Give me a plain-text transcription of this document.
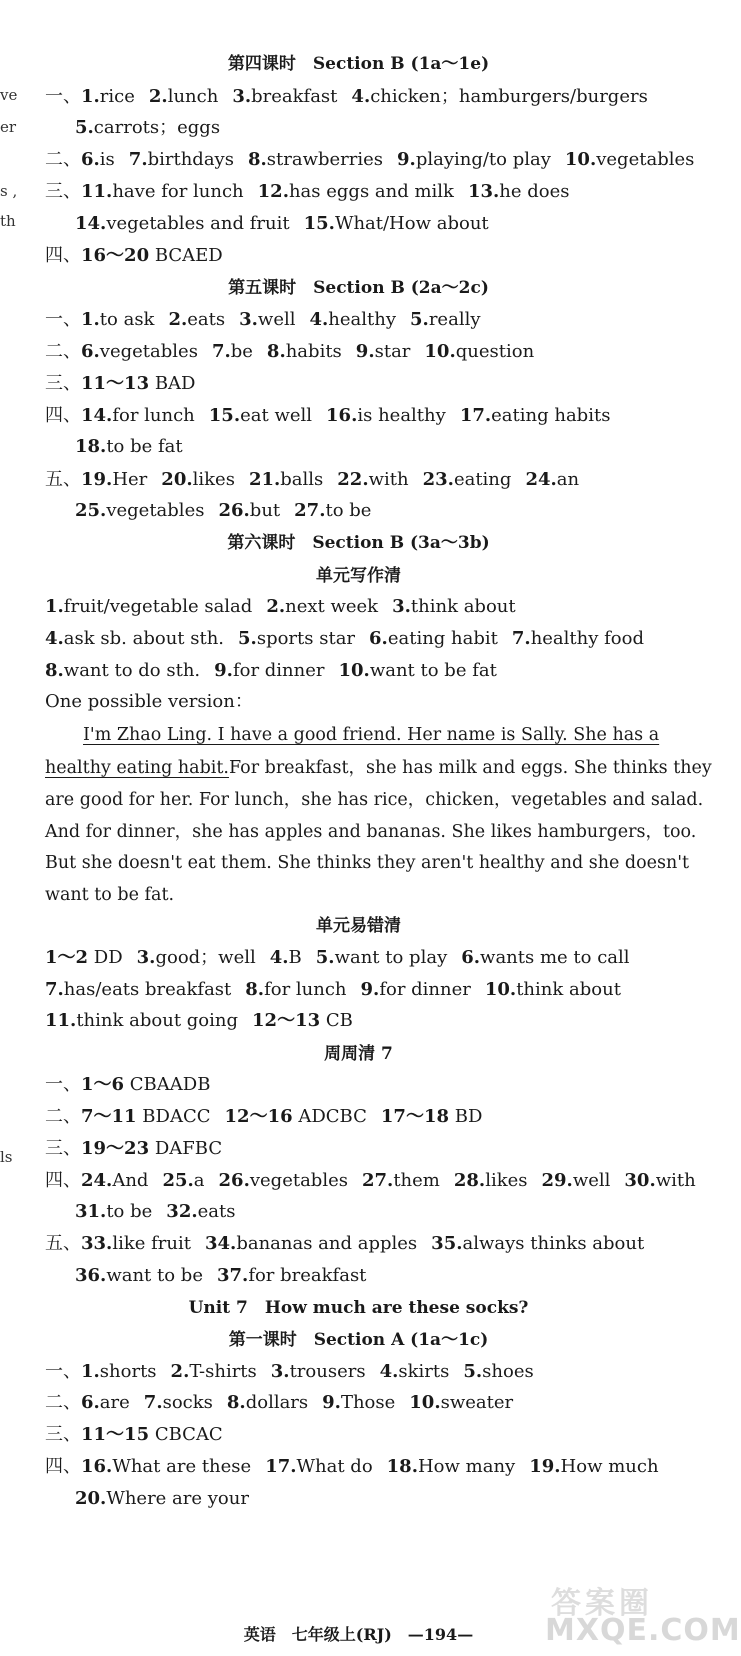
ve
er
s ,
th
ls
第四课时　Section B (1a～1e)
一、1.rice 2.lunch 3.breakfast 4.chicken；hamburgers/burgers
5.carrots；eggs
二、6.is 7.birthdays 8.strawberries 9.playing/to play 10.vegetables
三、11.have for lunch 12.has eggs and milk 13.he does
14.vegetables and fruit 15.What/How about
四、16～20 BCAED
第五课时　Section B (2a～2c)
一、1.to ask 2.eats 3.well 4.healthy 5.really
二、6.vegetables 7.be 8.habits 9.star 10.question
三、11～13 BAD
四、14.for lunch 15.eat well 16.is healthy 17.eating habits
18.to be fat
五、19.Her 20.likes 21.balls 22.with 23.eating 24.an
25.vegetables 26.but 27.to be
第六课时　Section B (3a～3b)
单元写作清
1.fruit/vegetable salad 2.next week 3.think about
4.ask sb. about sth. 5.sports star 6.eating habit 7.healthy food
8.want to do sth. 9.for dinner 10.want to be fat
One possible version：
I'm Zhao Ling. I have a good friend. Her name is Sally. She has a
healthy eating habit.For breakfast，she has milk and eggs. She thinks they
are good for her. For lunch，she has rice，chicken，vegetables and salad.
And for dinner，she has apples and bananas. She likes hamburgers，too.
But she doesn't eat them. She thinks they aren't healthy and she doesn't
want to be fat.
单元易错清
1～2 DD 3.good；well 4.B 5.want to play 6.wants me to call
7.has/eats breakfast 8.for lunch 9.for dinner 10.think about
11.think about going 12～13 CB
周周清 7
一、1～6 CBAADB
二、7～11 BDACC 12～16 ADCBC 17～18 BD
三、19～23 DAFBC
四、24.And 25.a 26.vegetables 27.them 28.likes 29.well 30.with
31.to be 32.eats
五、33.like fruit 34.bananas and apples 35.always thinks about
36.want to be 37.for breakfast
Unit 7　How much are these socks?
第一课时　Section A (1a～1c)
一、1.shorts 2.T-shirts 3.trousers 4.skirts 5.shoes
二、6.are 7.socks 8.dollars 9.Those 10.sweater
三、11～15 CBCAC
四、16.What are these 17.What do 18.How many 19.How much
20.Where are your
英语　七年级上(RJ)　—194—
答案圈
MXQE.COM
